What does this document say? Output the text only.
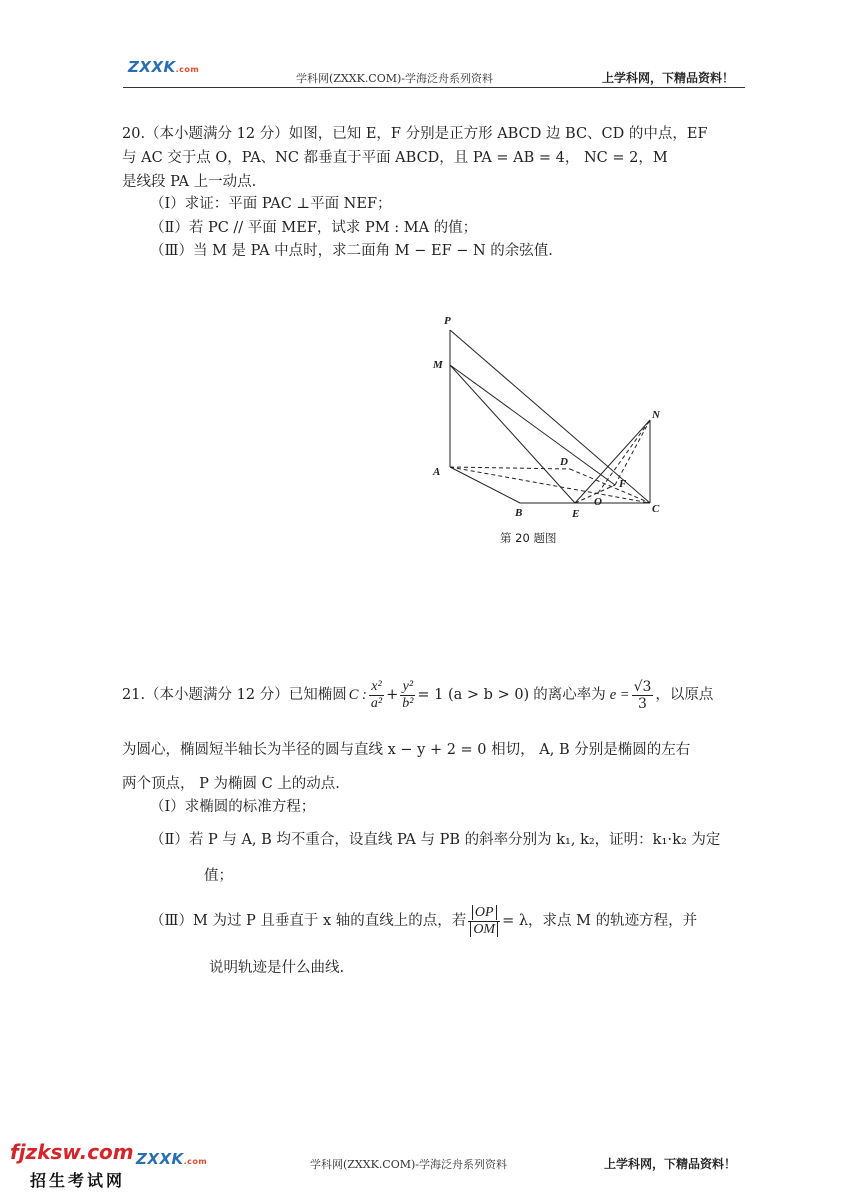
ZXXK.com
学科网(ZXXK.COM)-学海泛舟系列资料	上学科网，下精品资料！
20.（本小题满分 12 分）如图，已知 E，F 分别是正方形 ABCD 边 BC、CD 的中点，EF
与 AC 交于点 O，PA、NC 都垂直于平面 ABCD，且 PA = AB = 4， NC = 2，M
是线段 PA 上一动点.
（Ⅰ）求证：平面 PAC ⊥平面 NEF；
（Ⅱ）若 PC // 平面 MEF，试求 PM : MA 的值；
（Ⅲ）当 M 是 PA 中点时，求二面角 M − EF − N 的余弦值.
P
M
A
B	E
O
C
D
F
N
第 20 题图
21.（本小题满分 12 分）已知椭圆 C : $\frac{\text{x²}}{\text{a²}} + \frac{\text{y²}}{\text{b²}} = 1$ (a > b > 0) 的离心率为 $e = \frac{√3}{3}$ ，以原点
为圆心，椭圆短半轴长为半径的圆与直线 x − y + 2 = 0 相切， A, B 分别是椭圆的左右
两个顶点， P 为椭圆 C 上的动点.
（Ⅰ）求椭圆的标准方程；
（Ⅱ）若 P 与 A, B 均不重合，设直线 PA 与 PB 的斜率分别为 k₁, k₂，证明：k₁⋅k₂ 为定
值；
（Ⅲ）M 为过 P 且垂直于 x 轴的直线上的点，若 $\frac{OP}{OM} = \lambda$，求点 M 的轨迹方程，并
说明轨迹是什么曲线.
fjzksw.com ZXXK.com
招生考试网
学科网(ZXXK.COM)-学海泛舟系列资料	上学科网，下精品资料！
